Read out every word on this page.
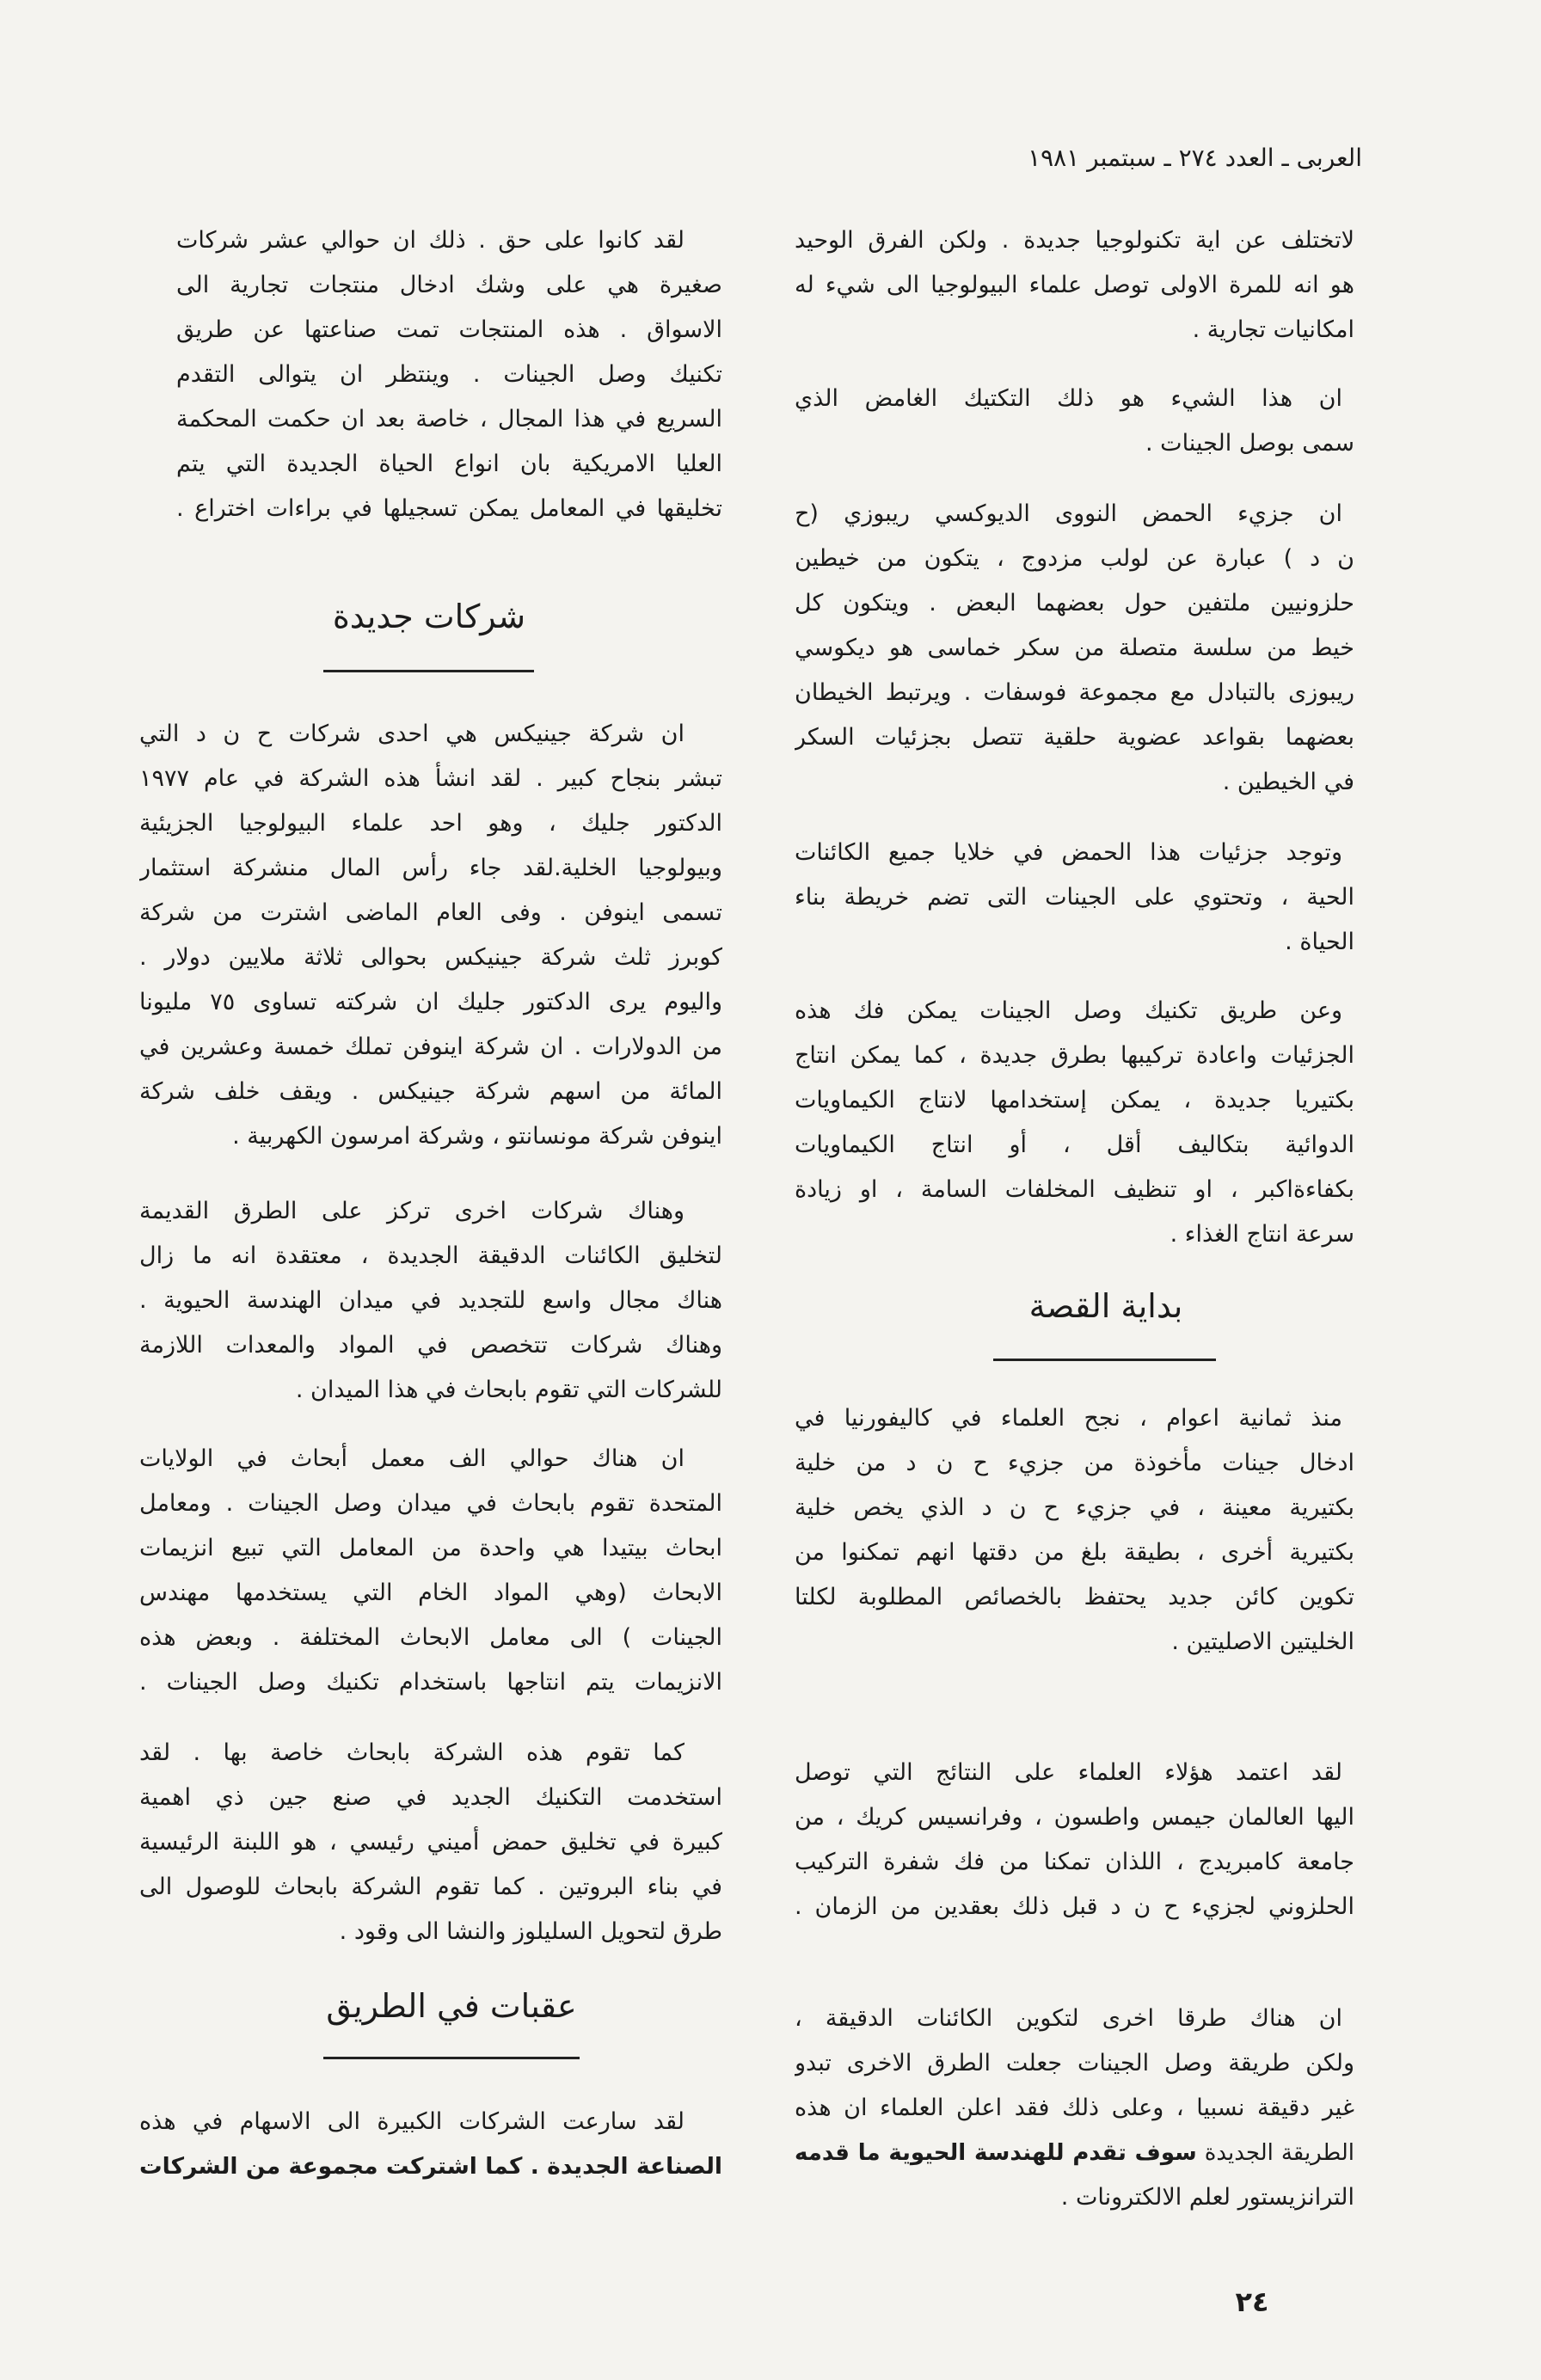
العربى ـ العدد ٢٧٤ ـ سبتمبر ١٩٨١
لاتختلف عن اية تكنولوجيا جديدة . ولكن الفرق الوحيد
هو انه للمرة الاولى توصل علماء البيولوجيا الى شيء له
امكانيات تجارية .
ان هذا الشيء هو ذلك التكتيك الغامض الذي
سمى بوصل الجينات .
ان جزيء الحمض النووى الديوكسي ريبوزي (ح
ن د ) عبارة عن لولب مزدوج ، يتكون من خيطين
حلزونيين ملتفين حول بعضهما البعض . ويتكون كل
خيط من سلسة متصلة من سكر خماسى هو ديكوسي
ريبوزى بالتبادل مع مجموعة فوسفات . ويرتبط الخيطان
بعضهما بقواعد عضوية حلقية تتصل بجزئيات السكر
في الخيطين .
وتوجد جزئيات هذا الحمض في خلايا جميع الكائنات
الحية ، وتحتوي على الجينات التى تضم خريطة بناء
الحياة .
وعن طريق تكنيك وصل الجينات يمكن فك هذه
الجزئيات واعادة تركيبها بطرق جديدة ، كما يمكن انتاج
بكتيريا جديدة ، يمكن إستخدامها لانتاج الكيماويات
الدوائية بتكاليف أقل ، أو انتاج الكيماويات
بكفاءةاكبر ، او تنظيف المخلفات السامة ، او زيادة
سرعة انتاج الغذاء .
بداية القصة
منذ ثمانية اعوام ، نجح العلماء في كاليفورنيا في
ادخال جينات مأخوذة من جزيء ح ن د من خلية
بكتيرية معينة ، في جزيء ح ن د الذي يخص خلية
بكتيرية أخرى ، بطيقة بلغ من دقتها انهم تمكنوا من
تكوين كائن جديد يحتفظ بالخصائص المطلوبة لكلتا
الخليتين الاصليتين .
لقد اعتمد هؤلاء العلماء على النتائج التي توصل
اليها العالمان جيمس واطسون ، وفرانسيس كريك ، من
جامعة كامبريدج ، اللذان تمكنا من فك شفرة التركيب
الحلزوني لجزيء ح ن د قبل ذلك بعقدين من الزمان .
ان هناك طرقا اخرى لتكوين الكائنات الدقيقة ،
ولكن طريقة وصل الجينات جعلت الطرق الاخرى تبدو
غير دقيقة نسبيا ، وعلى ذلك فقد اعلن العلماء ان هذه
الطريقة الجديدة سوف تقدم للهندسة الحيوية ما قدمه
الترانزيستور لعلم الالكترونات .
لقد كانوا على حق . ذلك ان حوالي عشر شركات
صغيرة هي على وشك ادخال منتجات تجارية الى
الاسواق . هذه المنتجات تمت صناعتها عن طريق
تكنيك وصل الجينات . وينتظر ان يتوالى التقدم
السريع في هذا المجال ، خاصة بعد ان حكمت المحكمة
العليا الامريكية بان انواع الحياة الجديدة التي يتم
تخليقها في المعامل يمكن تسجيلها في براءات اختراع .
شركات جديدة
ان شركة جينيكس هي احدى شركات ح ن د التي
تبشر بنجاح كبير . لقد انشأ هذه الشركة في عام ١٩٧٧
الدكتور جليك ، وهو احد علماء البيولوجيا الجزيئية
وبيولوجيا الخلية.لقد جاء رأس المال منشركة استثمار
تسمى اينوفن . وفى العام الماضى اشترت من شركة
كوبرز ثلث شركة جينيكس بحوالى ثلاثة ملايين دولار .
واليوم يرى الدكتور جليك ان شركته تساوى ٧٥ مليونا
من الدولارات . ان شركة اينوفن تملك خمسة وعشرين في
المائة من اسهم شركة جينيكس . ويقف خلف شركة
اينوفن شركة مونسانتو ، وشركة امرسون الكهربية .
وهناك شركات اخرى تركز على الطرق القديمة
لتخليق الكائنات الدقيقة الجديدة ، معتقدة انه ما زال
هناك مجال واسع للتجديد في ميدان الهندسة الحيوية .
وهناك شركات تتخصص في المواد والمعدات اللازمة
للشركات التي تقوم بابحاث في هذا الميدان .
ان هناك حوالي الف معمل أبحاث في الولايات
المتحدة تقوم بابحاث في ميدان وصل الجينات . ومعامل
ابحاث بيتيدا هي واحدة من المعامل التي تبيع انزيمات
الابحاث (وهي المواد الخام التي يستخدمها مهندس
الجينات ) الى معامل الابحاث المختلفة . وبعض هذه
الانزيمات يتم انتاجها باستخدام تكنيك وصل الجينات .
كما تقوم هذه الشركة بابحاث خاصة بها . لقد
استخدمت التكنيك الجديد في صنع جين ذي اهمية
كبيرة في تخليق حمض أميني رئيسي ، هو اللبنة الرئيسية
في بناء البروتين . كما تقوم الشركة بابحاث للوصول الى
طرق لتحويل السليلوز والنشا الى وقود .
عقبات في الطريق
لقد سارعت الشركات الكبيرة الى الاسهام في هذه
الصناعة الجديدة . كما اشتركت مجموعة من الشركات
٢٤
